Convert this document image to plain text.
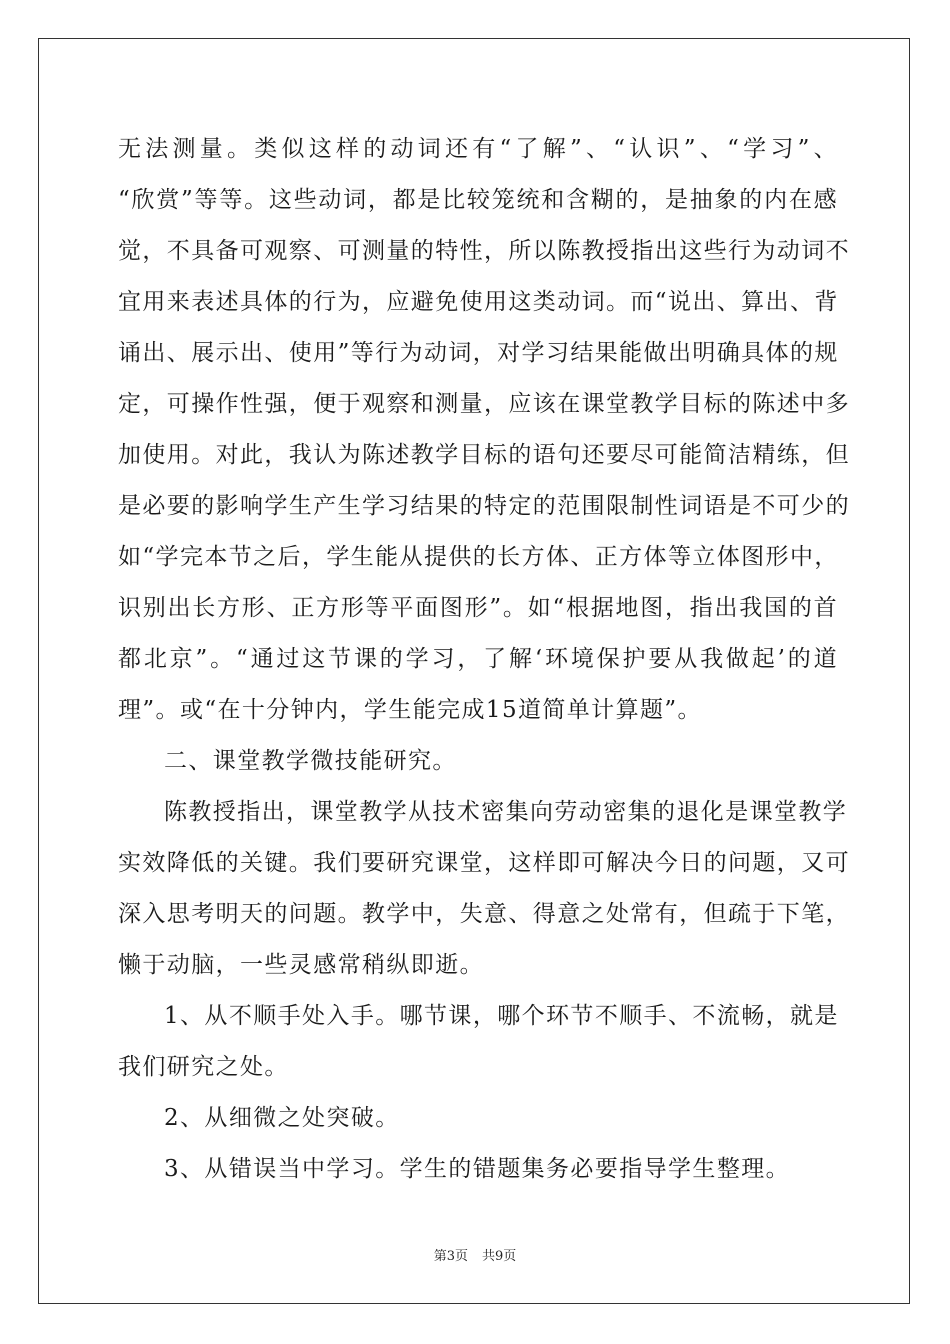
无法测量。类似这样的动词还有“了解”、“认识”、“学习”、
“欣赏”等等。这些动词，都是比较笼统和含糊的，是抽象的内在感
觉，不具备可观察、可测量的特性，所以陈教授指出这些行为动词不
宜用来表述具体的行为，应避免使用这类动词。而“说出、算出、背
诵出、展示出、使用”等行为动词，对学习结果能做出明确具体的规
定，可操作性强，便于观察和测量，应该在课堂教学目标的陈述中多
加使用。对此，我认为陈述教学目标的语句还要尽可能简洁精练，但
是必要的影响学生产生学习结果的特定的范围限制性词语是不可少的
如“学完本节之后，学生能从提供的长方体、正方体等立体图形中，
识别出长方形、正方形等平面图形”。如“根据地图，指出我国的首
都北京”。“通过这节课的学习，了解‘环境保护要从我做起’的道
理”。或“在十分钟内，学生能完成15道简单计算题”。
二、课堂教学微技能研究。
陈教授指出，课堂教学从技术密集向劳动密集的退化是课堂教学
实效降低的关键。我们要研究课堂，这样即可解决今日的问题，又可
深入思考明天的问题。教学中，失意、得意之处常有，但疏于下笔，
懒于动脑，一些灵感常稍纵即逝。
1、从不顺手处入手。哪节课，哪个环节不顺手、不流畅，就是
我们研究之处。
2、从细微之处突破。
3、从错误当中学习。学生的错题集务必要指导学生整理。
第3页 共9页
